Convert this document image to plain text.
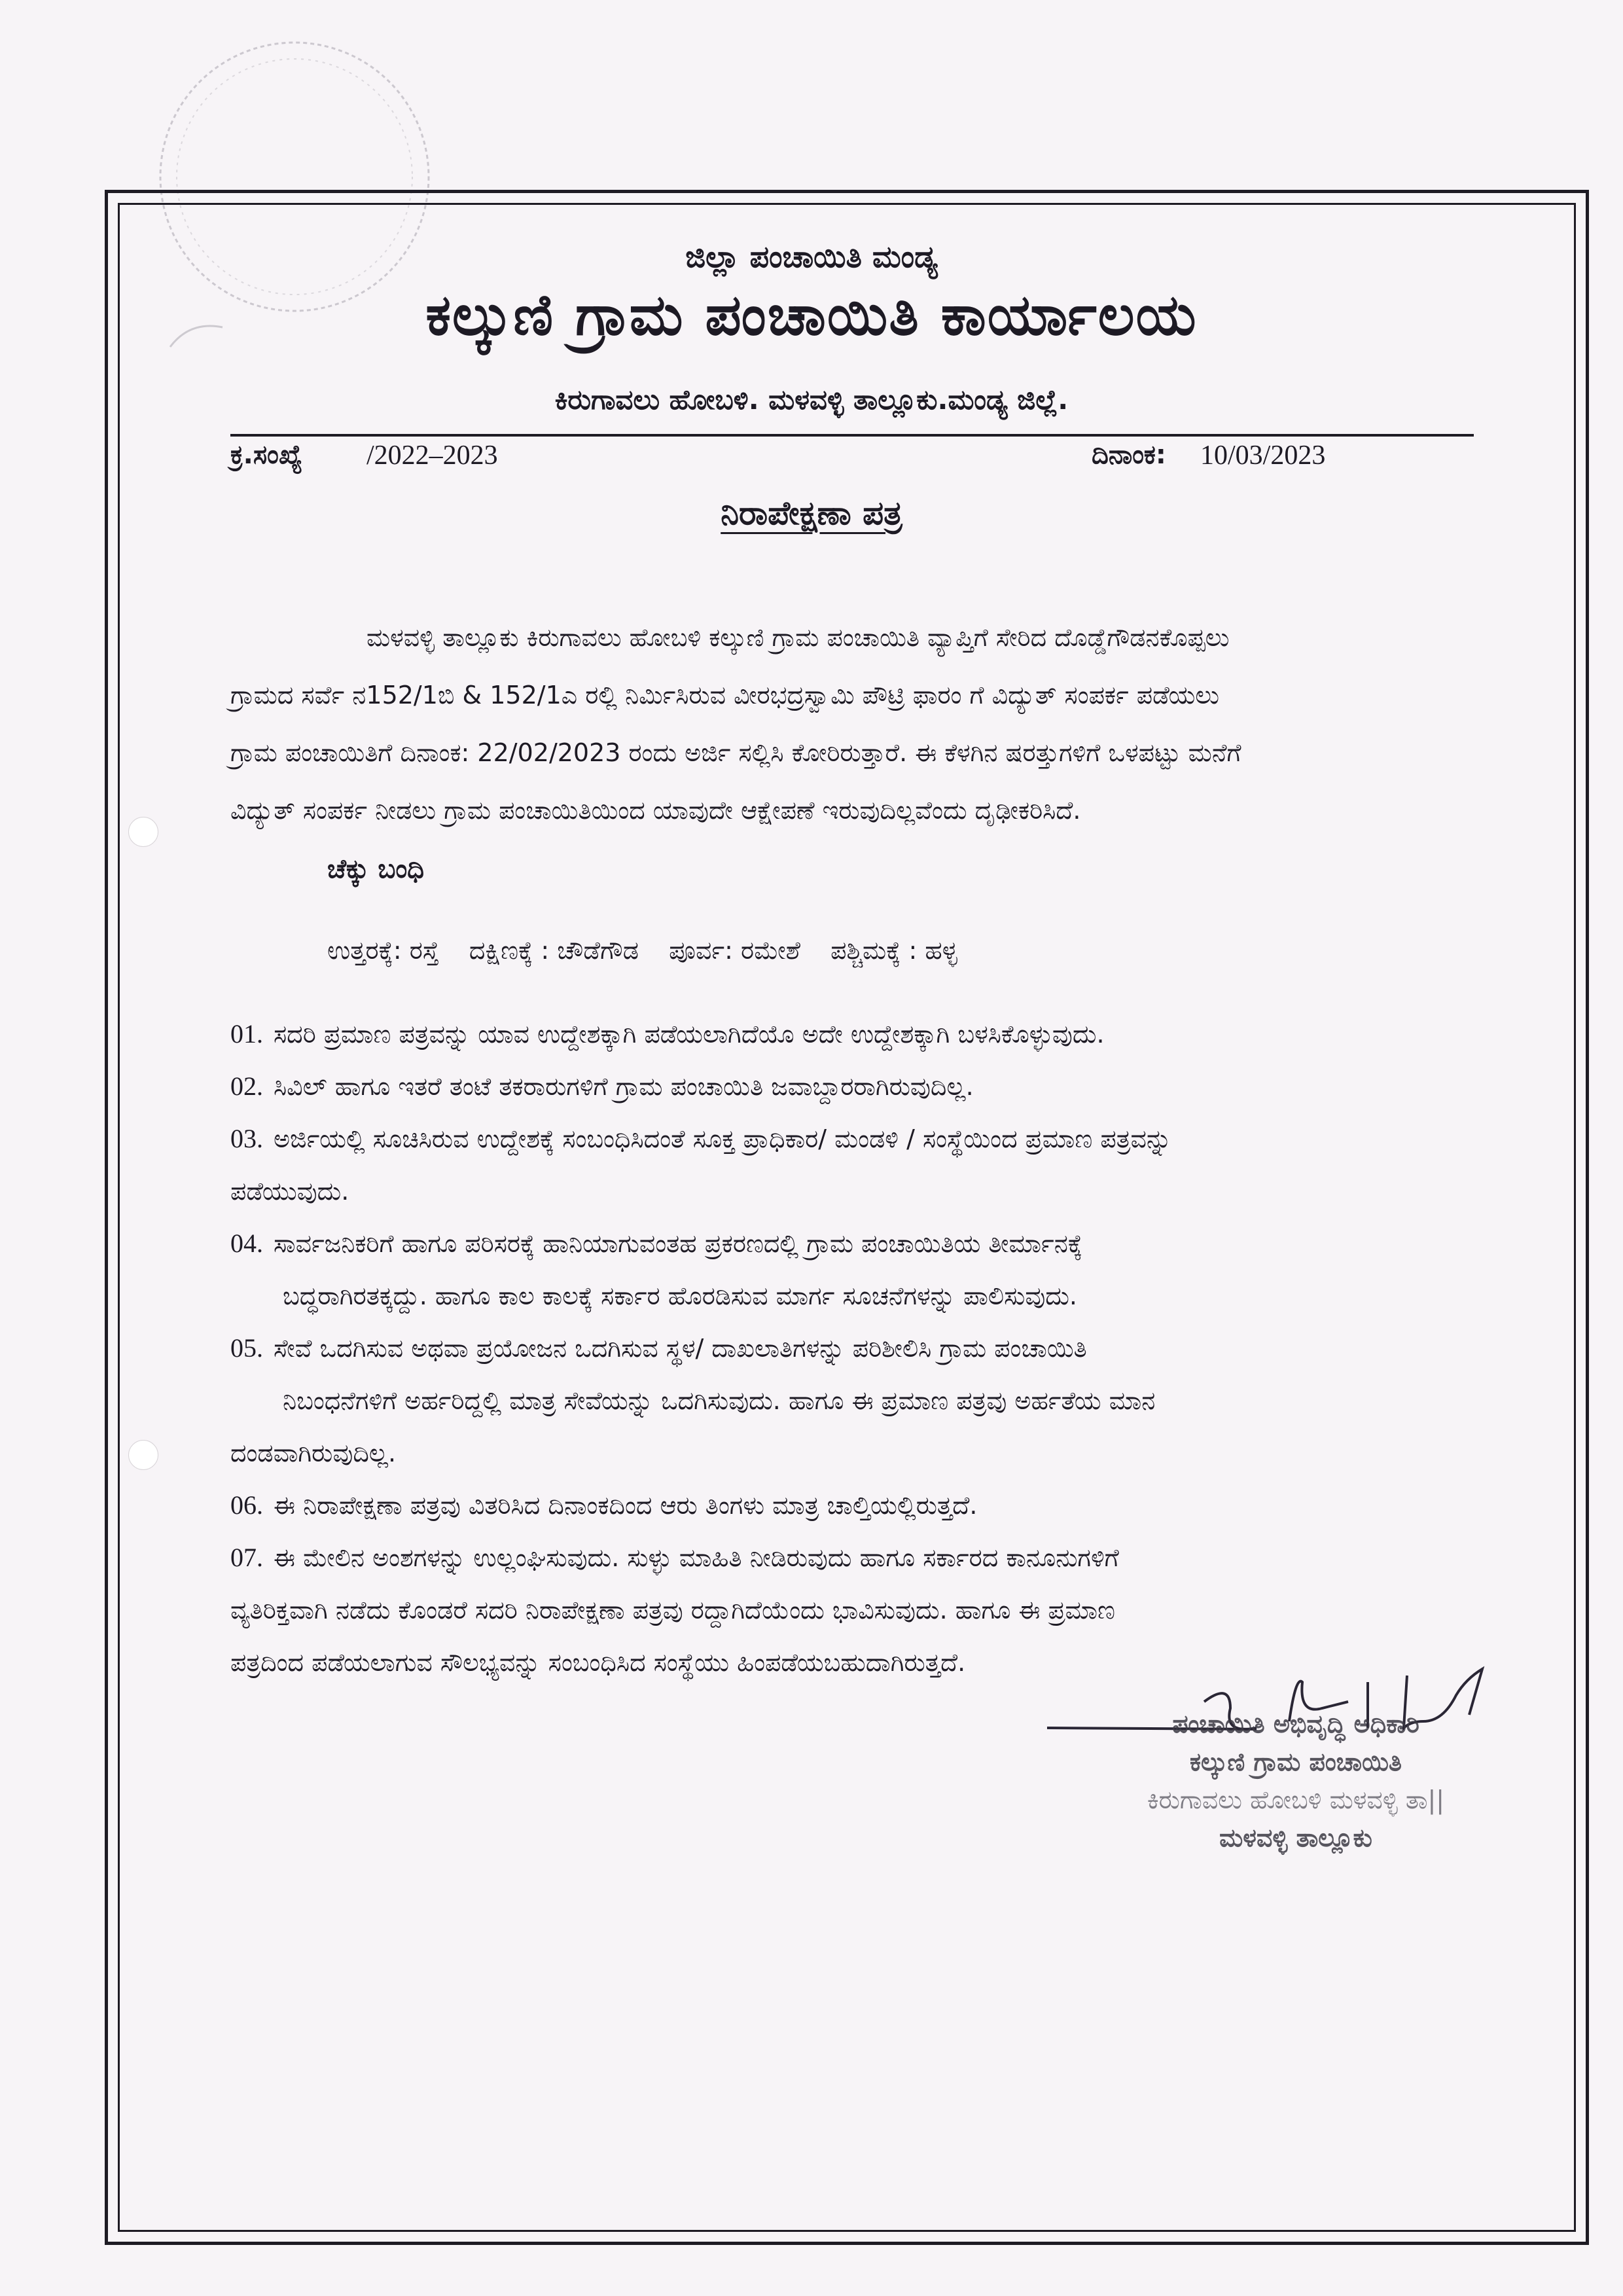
ಜಿಲ್ಲಾ ಪಂಚಾಯಿತಿ ಮಂಡ್ಯ
ಕಲ್ಕುಣಿ ಗ್ರಾಮ ಪಂಚಾಯಿತಿ ಕಾರ್ಯಾಲಯ
ಕಿರುಗಾವಲು ಹೋಬಳಿ. ಮಳವಳ್ಳಿ ತಾಲ್ಲೂಕು.ಮಂಡ್ಯ ಜಿಲ್ಲೆ.
ಕ್ರ.ಸಂಖ್ಯೆ /2022–2023	ದಿನಾಂಕ: 10/03/2023
ನಿರಾಪೇಕ್ಷಣಾ ಪತ್ರ
ಮಳವಳ್ಳಿ ತಾಲ್ಲೂಕು ಕಿರುಗಾವಲು ಹೋಬಳಿ ಕಲ್ಕುಣಿ ಗ್ರಾಮ ಪಂಚಾಯಿತಿ ವ್ಯಾಪ್ತಿಗೆ ಸೇರಿದ ದೊಡ್ಡೆಗೌಡನಕೊಪ್ಪಲು
ಗ್ರಾಮದ ಸರ್ವೆ ನ152/1ಬಿ & 152/1ಎ ರಲ್ಲಿ ನಿರ್ಮಿಸಿರುವ ವೀರಭದ್ರಸ್ವಾಮಿ ಪೌಟ್ರಿ ಫಾರಂ ಗೆ ವಿದ್ಯುತ್ ಸಂಪರ್ಕ ಪಡೆಯಲು
ಗ್ರಾಮ ಪಂಚಾಯಿತಿಗೆ ದಿನಾಂಕ: 22/02/2023 ರಂದು ಅರ್ಜಿ ಸಲ್ಲಿಸಿ ಕೋರಿರುತ್ತಾರೆ. ಈ ಕೆಳಗಿನ ಷರತ್ತುಗಳಿಗೆ ಒಳಪಟ್ಟು ಮನೆಗೆ
ವಿದ್ಯುತ್ ಸಂಪರ್ಕ ನೀಡಲು ಗ್ರಾಮ ಪಂಚಾಯಿತಿಯಿಂದ ಯಾವುದೇ ಆಕ್ಷೇಪಣೆ ಇರುವುದಿಲ್ಲವೆಂದು ದೃಢೀಕರಿಸಿದೆ.
ಚೆಕ್ಕು ಬಂಧಿ
ಉತ್ತರಕ್ಕೆ: ರಸ್ತೆ ದಕ್ಷಿಣಕ್ಕೆ : ಚೌಡೆಗೌಡ ಪೂರ್ವ: ರಮೇಶೆ ಪಶ್ಚಿಮಕ್ಕೆ : ಹಳ್ಳ
01. ಸದರಿ ಪ್ರಮಾಣ ಪತ್ರವನ್ನು ಯಾವ ಉದ್ದೇಶಕ್ಕಾಗಿ ಪಡೆಯಲಾಗಿದೆಯೊ ಅದೇ ಉದ್ದೇಶಕ್ಕಾಗಿ ಬಳಸಿಕೊಳ್ಳುವುದು.
02. ಸಿವಿಲ್ ಹಾಗೂ ಇತರೆ ತಂಟೆ ತಕರಾರುಗಳಿಗೆ ಗ್ರಾಮ ಪಂಚಾಯಿತಿ ಜವಾಬ್ದಾರರಾಗಿರುವುದಿಲ್ಲ.
03. ಅರ್ಜಿಯಲ್ಲಿ ಸೂಚಿಸಿರುವ ಉದ್ದೇಶಕ್ಕೆ ಸಂಬಂಧಿಸಿದಂತೆ ಸೂಕ್ತ ಪ್ರಾಧಿಕಾರ/ ಮಂಡಳಿ / ಸಂಸ್ಥೆಯಿಂದ ಪ್ರಮಾಣ ಪತ್ರವನ್ನು
ಪಡೆಯುವುದು.
04. ಸಾರ್ವಜನಿಕರಿಗೆ ಹಾಗೂ ಪರಿಸರಕ್ಕೆ ಹಾನಿಯಾಗುವಂತಹ ಪ್ರಕರಣದಲ್ಲಿ ಗ್ರಾಮ ಪಂಚಾಯಿತಿಯ ತೀರ್ಮಾನಕ್ಕೆ
ಬದ್ಧರಾಗಿರತಕ್ಕದ್ದು. ಹಾಗೂ ಕಾಲ ಕಾಲಕ್ಕೆ ಸರ್ಕಾರ ಹೊರಡಿಸುವ ಮಾರ್ಗ ಸೂಚನೆಗಳನ್ನು ಪಾಲಿಸುವುದು.
05. ಸೇವೆ ಒದಗಿಸುವ ಅಥವಾ ಪ್ರಯೋಜನ ಒದಗಿಸುವ ಸ್ಥಳ/ ದಾಖಲಾತಿಗಳನ್ನು ಪರಿಶೀಲಿಸಿ ಗ್ರಾಮ ಪಂಚಾಯಿತಿ
ನಿಬಂಧನೆಗಳಿಗೆ ಅರ್ಹರಿದ್ದಲ್ಲಿ ಮಾತ್ರ ಸೇವೆಯನ್ನು ಒದಗಿಸುವುದು. ಹಾಗೂ ಈ ಪ್ರಮಾಣ ಪತ್ರವು ಅರ್ಹತೆಯ ಮಾನ
ದಂಡವಾಗಿರುವುದಿಲ್ಲ.
06. ಈ ನಿರಾಪೇಕ್ಷಣಾ ಪತ್ರವು ವಿತರಿಸಿದ ದಿನಾಂಕದಿಂದ ಆರು ತಿಂಗಳು ಮಾತ್ರ ಚಾಲ್ತಿಯಲ್ಲಿರುತ್ತದೆ.
07. ಈ ಮೇಲಿನ ಅಂಶಗಳನ್ನು ಉಲ್ಲಂಘಿಸುವುದು. ಸುಳ್ಳು ಮಾಹಿತಿ ನೀಡಿರುವುದು ಹಾಗೂ ಸರ್ಕಾರದ ಕಾನೂನುಗಳಿಗೆ
ವ್ಯತಿರಿಕ್ತವಾಗಿ ನಡೆದು ಕೊಂಡರೆ ಸದರಿ ನಿರಾಪೇಕ್ಷಣಾ ಪತ್ರವು ರದ್ದಾಗಿದೆಯೆಂದು ಭಾವಿಸುವುದು. ಹಾಗೂ ಈ ಪ್ರಮಾಣ
ಪತ್ರದಿಂದ ಪಡೆಯಲಾಗುವ ಸೌಲಭ್ಯವನ್ನು ಸಂಬಂಧಿಸಿದ ಸಂಸ್ಥೆಯು ಹಿಂಪಡೆಯಬಹುದಾಗಿರುತ್ತದೆ.
ಪಂಚಾಯಿತಿ ಅಭಿವೃದ್ಧಿ ಅಧಿಕಾರಿ
ಕಲ್ಕುಣಿ ಗ್ರಾಮ ಪಂಚಾಯಿತಿ
ಕಿರುಗಾವಲು ಹೋಬಳಿ ಮಳವಳ್ಳಿ ತಾ||
ಮಳವಳ್ಳಿ ತಾಲ್ಲೂಕು
